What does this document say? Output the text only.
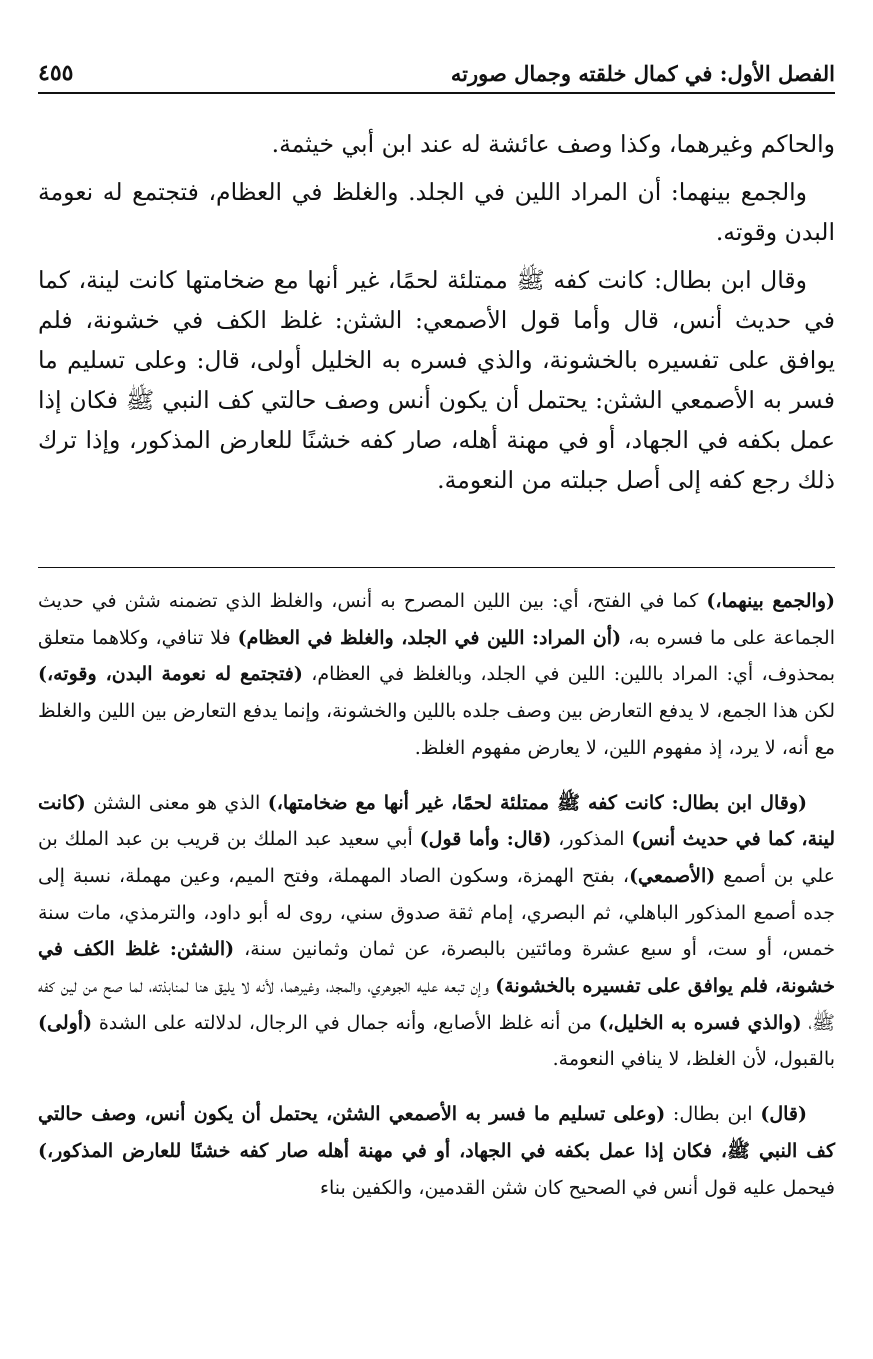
الفصل الأول: في كمال خلقته وجمال صورته
٤٥٥

والحاكم وغيرهما، وكذا وصف عائشة له عند ابن أبي خيثمة.

والجمع بينهما: أن المراد اللين في الجلد. والغلظ في العظام، فتجتمع له نعومة البدن وقوته.

وقال ابن بطال: كانت كفه ﷺ ممتلئة لحمًا، غير أنها مع ضخامتها كانت لينة، كما في حديث أنس، قال وأما قول الأصمعي: الشثن: غلظ الكف في خشونة، فلم يوافق على تفسيره بالخشونة، والذي فسره به الخليل أولى، قال: وعلى تسليم ما فسر به الأصمعي الشثن: يحتمل أن يكون أنس وصف حالتي كف النبي ﷺ فكان إذا عمل بكفه في الجهاد، أو في مهنة أهله، صار كفه خشنًا للعارض المذكور، وإذا ترك ذلك رجع كفه إلى أصل جبلته من النعومة.

(والجمع بينهما،) كما في الفتح، أي: بين اللين المصرح به أنس، والغلظ الذي تضمنه شثن في حديث الجماعة على ما فسره به، (أن المراد: اللين في الجلد، والغلظ في العظام) فلا تنافي، وكلاهما متعلق بمحذوف، أي: المراد باللين: اللين في الجلد، وبالغلظ في العظام، (فتجتمع له نعومة البدن، وقوته،) لكن هذا الجمع، لا يدفع التعارض بين وصف جلده باللين والخشونة، وإنما يدفع التعارض بين اللين والغلظ مع أنه، لا يرد، إذ مفهوم اللين، لا يعارض مفهوم الغلظ.

(وقال ابن بطال: كانت كفه ﷺ ممتلئة لحمًا، غير أنها مع ضخامتها،) الذي هو معنى الشثن (كانت لينة، كما في حديث أنس) المذكور، (قال: وأما قول) أبي سعيد عبد الملك بن قريب بن عبد الملك بن علي بن أصمع (الأصمعي)، بفتح الهمزة، وسكون الصاد المهملة، وفتح الميم، وعين مهملة، نسبة إلى جده أصمع المذكور الباهلي، ثم البصري، إمام ثقة صدوق سني، روى له أبو داود، والترمذي، مات سنة خمس، أو ست، أو سبع عشرة ومائتين بالبصرة، عن ثمان وثمانين سنة، (الشثن: غلظ الكف في خشونة، فلم يوافق على تفسيره بالخشونة) وإن تبعه عليه الجوهري، والمجد، وغيرهما، لأنه لا يليق هنا لمنابذته، لما صح من لين كفه ﷺ، (والذي فسره به الخليل،) من أنه غلظ الأصابع، وأنه جمال في الرجال، لدلالته على الشدة (أولى) بالقبول، لأن الغلظ، لا ينافي النعومة.

(قال) ابن بطال: (وعلى تسليم ما فسر به الأصمعي الشثن، يحتمل أن يكون أنس، وصف حالتي كف النبي ﷺ، فكان إذا عمل بكفه في الجهاد، أو في مهنة أهله صار كفه خشنًا للعارض المذكور،) فيحمل عليه قول أنس في الصحيح كان شثن القدمين، والكفين بناء
